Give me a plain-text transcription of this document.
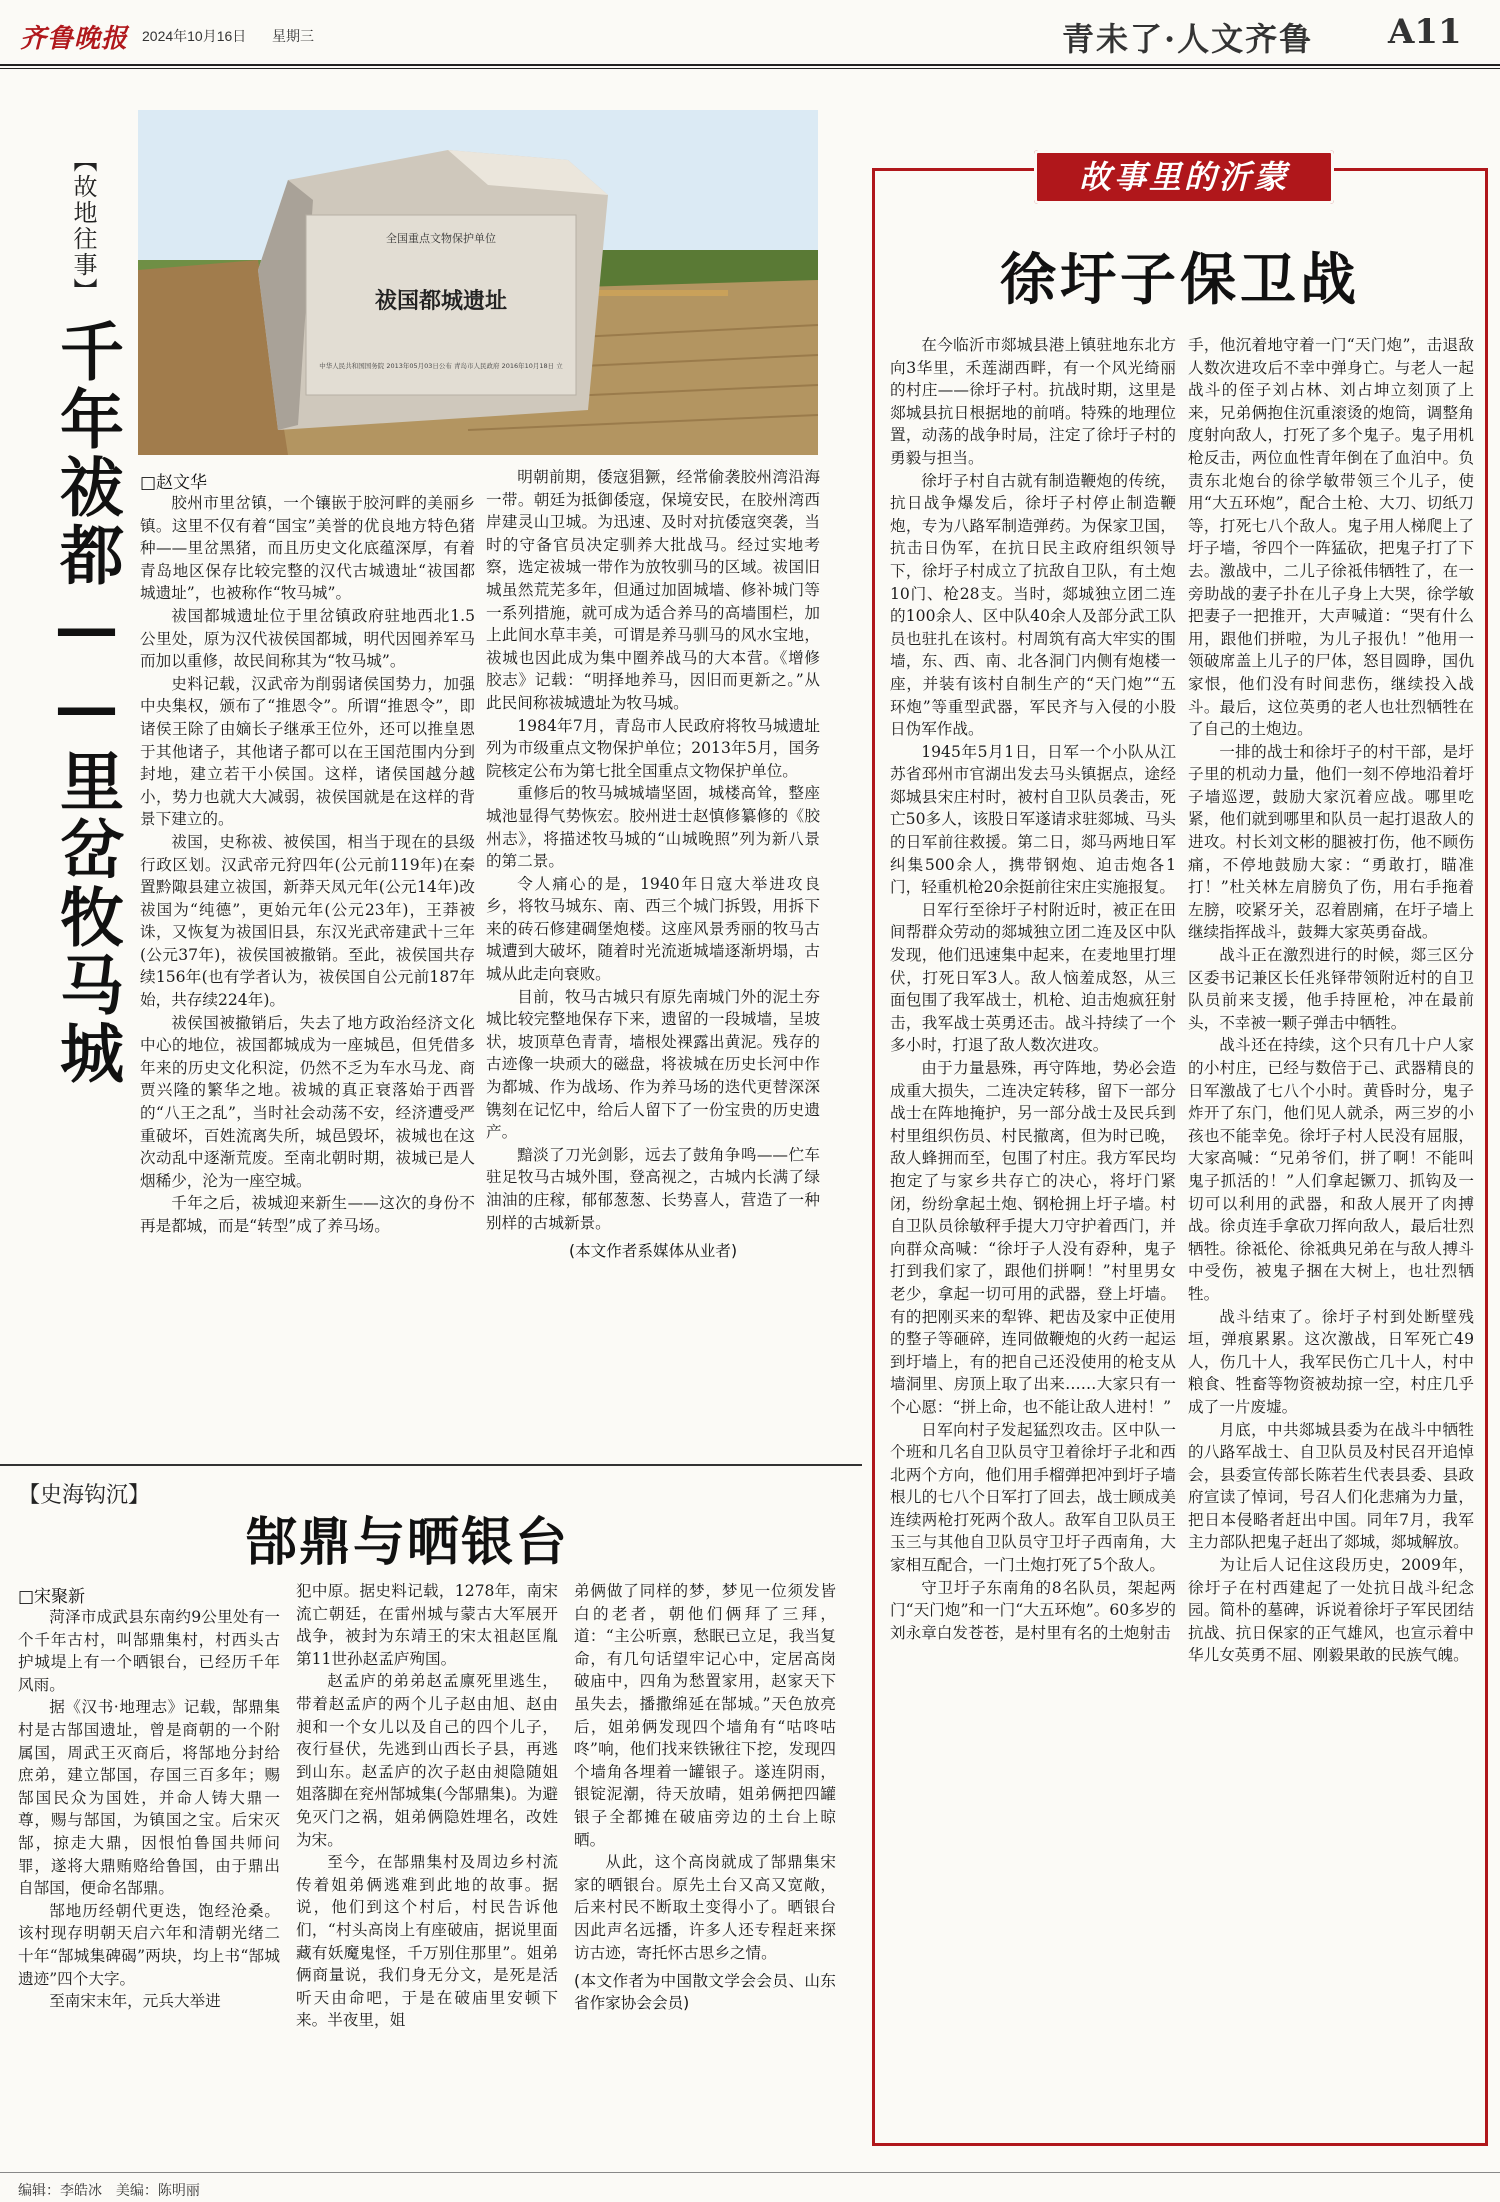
齐鲁晚报 2024年10月16日 星期三	青未了·人文齐鲁 A11
【故地往事】
千年祓都——里岔牧马城
全国重点文物保护单位
祓国都城遗址
中华人民共和国国务院 2013年05月03日公布 青岛市人民政府 2016年10月18日 立
□赵文华

胶州市里岔镇，一个镶嵌于胶河畔的美丽乡镇。这里不仅有着“国宝”美誉的优良地方特色猪种——里岔黑猪，而且历史文化底蕴深厚，有着青岛地区保存比较完整的汉代古城遗址“祓国都城遗址”，也被称作“牧马城”。

祓国都城遗址位于里岔镇政府驻地西北1.5公里处，原为汉代祓侯国都城，明代因囤养军马而加以重修，故民间称其为“牧马城”。

史料记载，汉武帝为削弱诸侯国势力，加强中央集权，颁布了“推恩令”。所谓“推恩令”，即诸侯王除了由嫡长子继承王位外，还可以推皇恩于其他诸子，其他诸子都可以在王国范围内分到封地，建立若干小侯国。这样，诸侯国越分越小，势力也就大大减弱，祓侯国就是在这样的背景下建立的。

祓国，史称祓、被侯国，相当于现在的县级行政区划。汉武帝元狩四年(公元前119年)在秦置黔陬县建立祓国，新莽天凤元年(公元14年)改祓国为“纯德”，更始元年(公元23年)，王莽被诛，又恢复为祓国旧县，东汉光武帝建武十三年(公元37年)，祓侯国被撤销。至此，祓侯国共存续156年(也有学者认为，祓侯国自公元前187年始，共存续224年)。

祓侯国被撤销后，失去了地方政治经济文化中心的地位，祓国都城成为一座城邑，但凭借多年来的历史文化积淀，仍然不乏为车水马龙、商贾兴隆的繁华之地。祓城的真正衰落始于西晋的“八王之乱”，当时社会动荡不安，经济遭受严重破坏，百姓流离失所，城邑毁坏，祓城也在这次动乱中逐渐荒废。至南北朝时期，祓城已是人烟稀少，沦为一座空城。

千年之后，祓城迎来新生——这次的身份不再是都城，而是“转型”成了养马场。

明朝前期，倭寇猖獗，经常偷袭胶州湾沿海一带。朝廷为抵御倭寇，保境安民，在胶州湾西岸建灵山卫城。为迅速、及时对抗倭寇突袭，当时的守备官员决定驯养大批战马。经过实地考察，选定祓城一带作为放牧驯马的区域。祓国旧城虽然荒芜多年，但通过加固城墙、修补城门等一系列措施，就可成为适合养马的高墙围栏，加上此间水草丰美，可谓是养马驯马的风水宝地，祓城也因此成为集中圈养战马的大本营。《增修胶志》记载：“明择地养马，因旧而更新之。”从此民间称祓城遗址为牧马城。

1984年7月，青岛市人民政府将牧马城遗址列为市级重点文物保护单位；2013年5月，国务院核定公布为第七批全国重点文物保护单位。

重修后的牧马城城墙坚固，城楼高耸，整座城池显得气势恢宏。胶州进士赵慎修纂修的《胶州志》，将描述牧马城的“山城晚照”列为新八景的第二景。

令人痛心的是，1940年日寇大举进攻良乡，将牧马城东、南、西三个城门拆毁，用拆下来的砖石修建碉堡炮楼。这座风景秀丽的牧马古城遭到大破坏，随着时光流逝城墙逐渐坍塌，古城从此走向衰败。

目前，牧马古城只有原先南城门外的泥土夯城比较完整地保存下来，遗留的一段城墙，呈坡状，坡顶草色青青，墙根处裸露出黄泥。残存的古迹像一块顽大的磁盘，将祓城在历史长河中作为都城、作为战场、作为养马场的迭代更替深深镌刻在记忆中，给后人留下了一份宝贵的历史遗产。

黯淡了刀光剑影，远去了鼓角争鸣——伫车驻足牧马古城外围，登高视之，古城内长满了绿油油的庄稼，郁郁葱葱、长势喜人，营造了一种别样的古城新景。

(本文作者系媒体从业者)
【史海钩沉】
郜鼎与晒银台
□宋聚新

菏泽市成武县东南约9公里处有一个千年古村，叫郜鼎集村，村西头古护城堤上有一个晒银台，已经历千年风雨。

据《汉书·地理志》记载，郜鼎集村是古郜国遗址，曾是商朝的一个附属国，周武王灭商后，将郜地分封给庶弟，建立郜国，存国三百多年；赐郜国民众为国姓，并命人铸大鼎一尊，赐与郜国，为镇国之宝。后宋灭郜，掠走大鼎，因恨怕鲁国共师问罪，遂将大鼎贿赂给鲁国，由于鼎出自郜国，便命名郜鼎。

郜地历经朝代更迭，饱经沧桑。该村现存明朝天启六年和清朝光绪二十年“郜城集碑碣”两块，均上书“郜城遗迹”四个大字。

至南宋末年，元兵大举进

犯中原。据史料记载，1278年，南宋流亡朝廷，在雷州城与蒙古大军展开战争，被封为东靖王的宋太祖赵匡胤第11世孙赵孟庐殉国。

赵孟庐的弟弟赵孟廪死里逃生，带着赵孟庐的两个儿子赵由旭、赵由昶和一个女儿以及自己的四个儿子，夜行昼伏，先逃到山西长子县，再逃到山东。赵孟庐的次子赵由昶隐随姐姐落脚在兖州郜城集(今郜鼎集)。为避免灭门之祸，姐弟俩隐姓埋名，改姓为宋。

至今，在郜鼎集村及周边乡村流传着姐弟俩逃难到此地的故事。据说，他们到这个村后，村民告诉他们，“村头高岗上有座破庙，据说里面藏有妖魔鬼怪，千万别住那里”。姐弟俩商量说，我们身无分文，是死是活听天由命吧，于是在破庙里安顿下来。半夜里，姐

弟俩做了同样的梦，梦见一位须发皆白的老者，朝他们俩拜了三拜，道：“主公听禀，愁眠已立足，我当复命，有几句话望牢记心中，定居高岗破庙中，四角为愁置家用，赵家天下虽失去，播撒绵延在郜城。”天色放亮后，姐弟俩发现四个墙角有“咕咚咕咚”响，他们找来铁锹往下挖，发现四个墙角各埋着一罐银子。遂连阴雨，银锭泥潮，待天放晴，姐弟俩把四罐银子全都摊在破庙旁边的土台上晾晒。

从此，这个高岗就成了郜鼎集宋家的晒银台。原先土台又高又宽敞，后来村民不断取土变得小了。晒银台因此声名远播，许多人还专程赶来探访古迹，寄托怀古思乡之情。

(本文作者为中国散文学会会员、山东省作家协会会员)
故事里的沂蒙
徐圩子保卫战

在今临沂市郯城县港上镇驻地东北方向3华里，禾莲湖西畔，有一个风光绮丽的村庄——徐圩子村。抗战时期，这里是郯城县抗日根据地的前哨。特殊的地理位置，动荡的战争时局，注定了徐圩子村的勇毅与担当。

徐圩子村自古就有制造鞭炮的传统，抗日战争爆发后，徐圩子村停止制造鞭炮，专为八路军制造弹药。为保家卫国，抗击日伪军，在抗日民主政府组织领导下，徐圩子村成立了抗敌自卫队，有土炮10门、枪28支。当时，郯城独立团二连的100余人、区中队40余人及部分武工队员也驻扎在该村。村周筑有高大牢实的围墙，东、西、南、北各洞门内侧有炮楼一座，并装有该村自制生产的“天门炮”“五环炮”等重型武器，军民齐与入侵的小股日伪军作战。

1945年5月1日，日军一个小队从江苏省邳州市官湖出发去马头镇据点，途经郯城县宋庄村时，被村自卫队员袭击，死亡50多人，该股日军遂请求驻郯城、马头的日军前往救援。第二日，郯马两地日军纠集500余人，携带钢炮、迫击炮各1门，轻重机枪20余挺前往宋庄实施报复。

日军行至徐圩子村附近时，被正在田间帮群众劳动的郯城独立团二连及区中队发现，他们迅速集中起来，在麦地里打埋伏，打死日军3人。敌人恼羞成怒，从三面包围了我军战士，机枪、迫击炮疯狂射击，我军战士英勇还击。战斗持续了一个多小时，打退了敌人数次进攻。

由于力量悬殊，再守阵地，势必会造成重大损失，二连决定转移，留下一部分战士在阵地掩护，另一部分战士及民兵到村里组织伤员、村民撤离，但为时已晚，敌人蜂拥而至，包围了村庄。我方军民均抱定了与家乡共存亡的决心，将圩门紧闭，纷纷拿起土炮、钢枪拥上圩子墙。村自卫队员徐敏秤手提大刀守护着西门，并向群众高喊：“徐圩子人没有孬种，鬼子打到我们家了，跟他们拼啊！”村里男女老少，拿起一切可用的武器，登上圩墙。有的把刚买来的犁铧、耙齿及家中正使用的整子等砸碎，连同做鞭炮的火药一起运到圩墙上，有的把自己还没使用的枪支从墙洞里、房顶上取了出来……大家只有一个心愿：“拼上命，也不能让敌人进村！”

日军向村子发起猛烈攻击。区中队一个班和几名自卫队员守卫着徐圩子北和西北两个方向，他们用手榴弹把冲到圩子墙根儿的七八个日军打了回去，战士顾成美连续两枪打死两个敌人。敌军自卫队员王玉三与其他自卫队员守卫圩子西南角，大家相互配合，一门土炮打死了5个敌人。

守卫圩子东南角的8名队员，架起两门“天门炮”和一门“大五环炮”。60多岁的刘永章白发苍苍，是村里有名的土炮射击

手，他沉着地守着一门“天门炮”，击退敌人数次进攻后不幸中弹身亡。与老人一起战斗的侄子刘占林、刘占坤立刻顶了上来，兄弟俩抱住沉重滚烫的炮筒，调整角度射向敌人，打死了多个鬼子。鬼子用机枪反击，两位血性青年倒在了血泊中。负责东北炮台的徐学敏带领三个儿子，使用“大五环炮”，配合土枪、大刀、切纸刀等，打死七八个敌人。鬼子用人梯爬上了圩子墙，爷四个一阵猛砍，把鬼子打了下去。激战中，二儿子徐祗伟牺牲了，在一旁助战的妻子扑在儿子身上大哭，徐学敏把妻子一把推开，大声喊道：“哭有什么用，跟他们拼啦，为儿子报仇！”他用一领破席盖上儿子的尸体，怒目圆睁，国仇家恨，他们没有时间悲伤，继续投入战斗。最后，这位英勇的老人也壮烈牺牲在了自己的土炮边。

一排的战士和徐圩子的村干部，是圩子里的机动力量，他们一刻不停地沿着圩子墙巡逻，鼓励大家沉着应战。哪里吃紧，他们就到哪里和队员一起打退敌人的进攻。村长刘文彬的腿被打伤，他不顾伤痛，不停地鼓励大家：“勇敢打，瞄准打！”杜关林左肩膀负了伤，用右手拖着左膀，咬紧牙关，忍着剧痛，在圩子墙上继续指挥战斗，鼓舞大家英勇奋战。

战斗正在激烈进行的时候，郯三区分区委书记兼区长任兆铎带领附近村的自卫队员前来支援，他手持匣枪，冲在最前头，不幸被一颗子弹击中牺牲。

战斗还在持续，这个只有几十户人家的小村庄，已经与数倍于己、武器精良的日军激战了七八个小时。黄昏时分，鬼子炸开了东门，他们见人就杀，两三岁的小孩也不能幸免。徐圩子村人民没有屈服，大家高喊：“兄弟爷们，拼了啊！不能叫鬼子抓活的！”人们拿起镢刀、抓钩及一切可以利用的武器，和敌人展开了肉搏战。徐贞连手拿砍刀挥向敌人，最后壮烈牺牲。徐祗伦、徐祗典兄弟在与敌人搏斗中受伤，被鬼子捆在大树上，也壮烈牺牲。

战斗结束了。徐圩子村到处断壁残垣，弹痕累累。这次激战，日军死亡49人，伤几十人，我军民伤亡几十人，村中粮食、牲畜等物资被劫掠一空，村庄几乎成了一片废墟。

月底，中共郯城县委为在战斗中牺牲的八路军战士、自卫队员及村民召开追悼会，县委宣传部长陈若生代表县委、县政府宣读了悼词，号召人们化悲痛为力量，把日本侵略者赶出中国。同年7月，我军主力部队把鬼子赶出了郯城，郯城解放。

为让后人记住这段历史，2009年，徐圩子在村西建起了一处抗日战斗纪念园。简朴的墓碑，诉说着徐圩子军民团结抗战、抗日保家的正气雄风，也宣示着中华儿女英勇不屈、刚毅果敢的民族气魄。

编辑：李皓冰 美编：陈明丽
